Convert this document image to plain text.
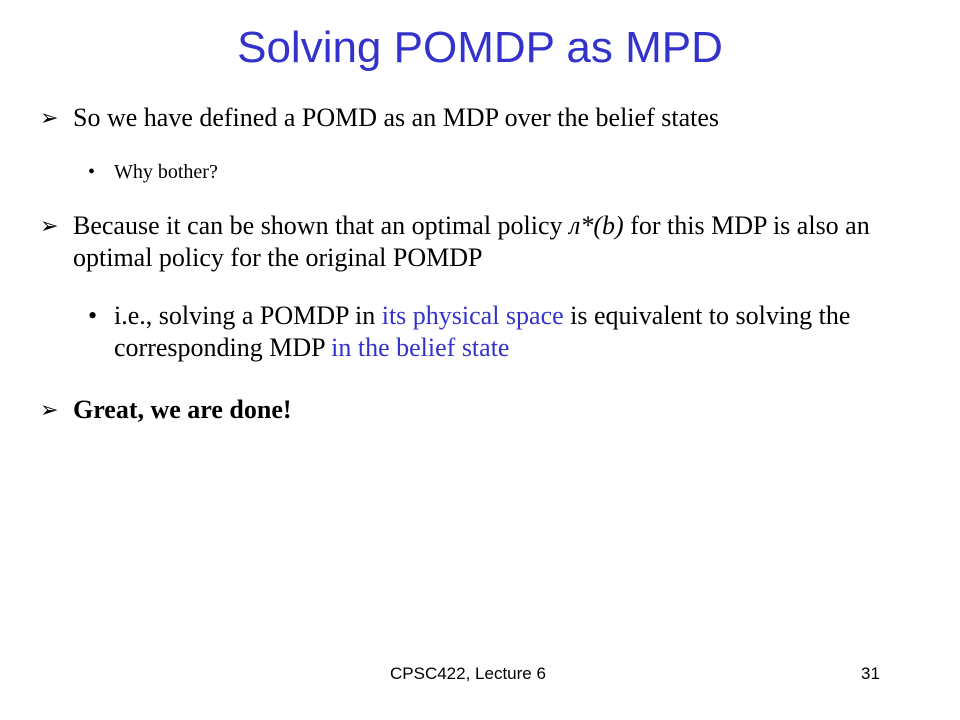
Solving POMDP as MPD
➢ So we have defined a POMD as an MDP over the belief states
• Why bother?
➢ Because it can be shown that an optimal policy л*(b) for this MDP is also an optimal policy for the original POMDP
• i.e., solving a POMDP in its physical space is equivalent to solving the corresponding MDP in the belief state
➢ Great, we are done!
CPSC422, Lecture 6	31
